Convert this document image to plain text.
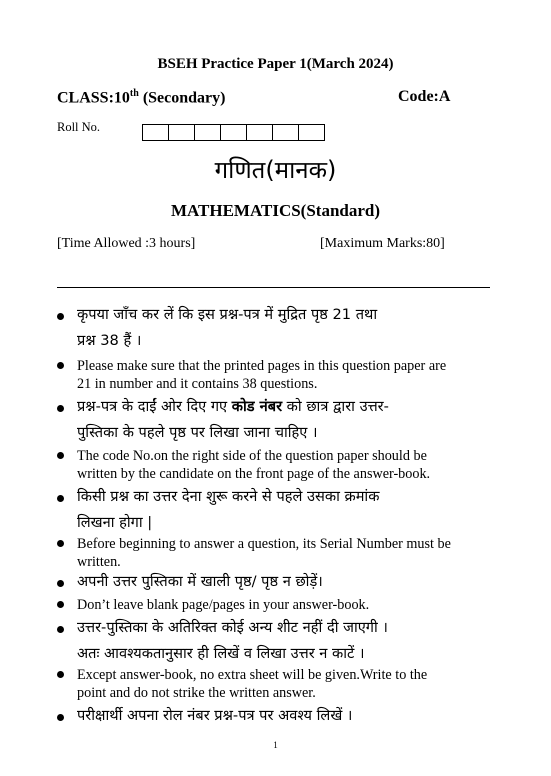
BSEH Practice Paper 1(March 2024)
CLASS:10th (Secondary)	Code:A
Roll No.
गणित(मानक)
MATHEMATICS(Standard)
[Time Allowed :3 hours]	[Maximum Marks:80]
कृपया जाँच कर लें कि इस प्रश्न-पत्र में मुद्रित पृष्ठ 21 तथा
प्रश्न 38 हैं ।
Please make sure that the printed pages in this question paper are
21 in number and it contains 38 questions.
प्रश्न-पत्र के दाईं ओर दिए गए कोड नंबर को छात्र द्वारा उत्तर-
पुस्तिका के पहले पृष्ठ पर लिखा जाना चाहिए ।
The code No.on the right side of the question paper should be
written by the candidate on the front page of the answer-book.
किसी प्रश्न का उत्तर देना शुरू करने से पहले उसका क्रमांक
लिखना होगा |
Before beginning to answer a question, its Serial Number must be
written.
अपनी उत्तर पुस्तिका में खाली पृष्ठ/ पृष्ठ न छोड़ें।
Don’t leave blank page/pages in your answer-book.
उत्तर-पुस्तिका के अतिरिक्त कोई अन्य शीट नहीं दी जाएगी ।
अतः आवश्यकतानुसार ही लिखें व लिखा उत्तर न काटें ।
Except answer-book, no extra sheet will be given.Write to the
point and do not strike the written answer.
परीक्षार्थी अपना रोल नंबर प्रश्न-पत्र पर अवश्य लिखें ।
1
